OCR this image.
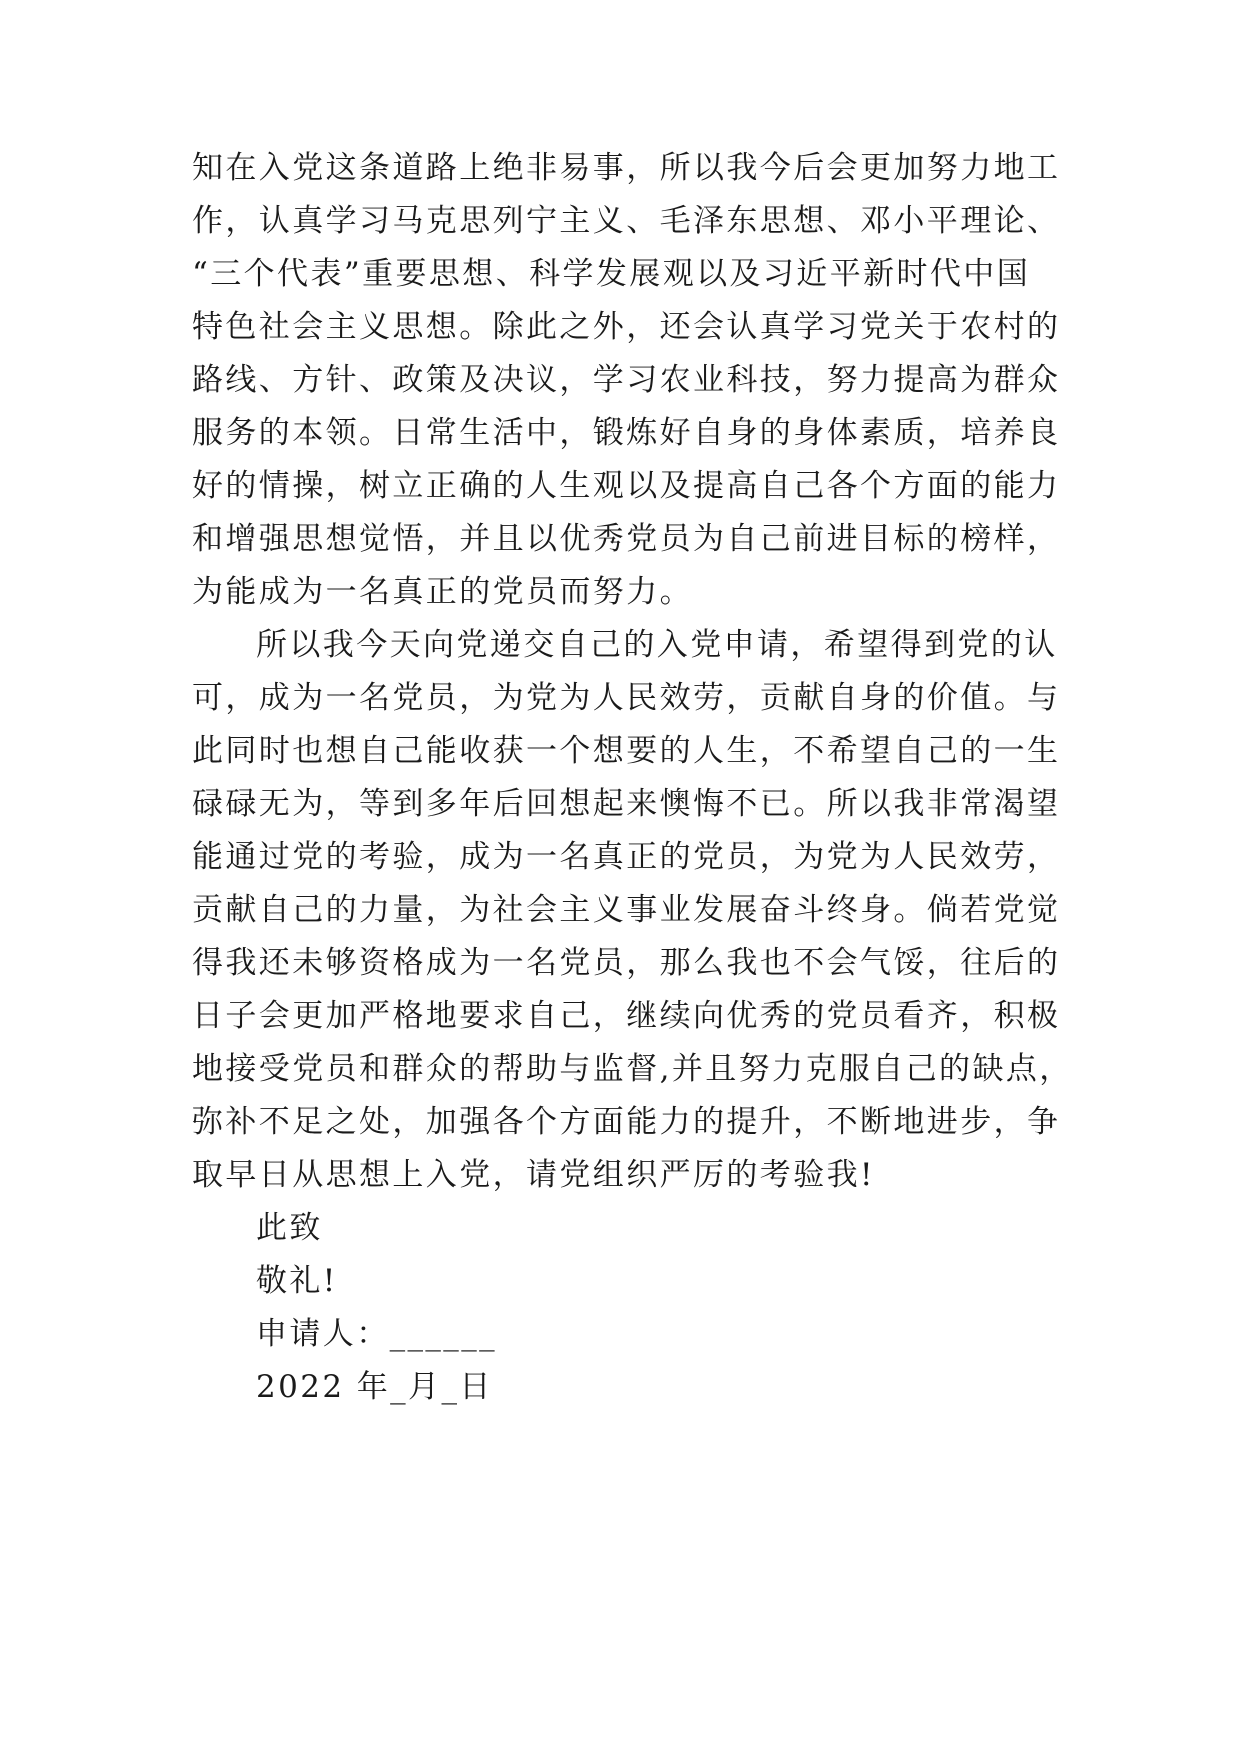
知在入党这条道路上绝非易事，所以我今后会更加努力地工
作，认真学习马克思列宁主义、毛泽东思想、邓小平理论、
“三个代表”重要思想、科学发展观以及习近平新时代中国
特色社会主义思想。除此之外，还会认真学习党关于农村的
路线、方针、政策及决议，学习农业科技，努力提高为群众
服务的本领。日常生活中，锻炼好自身的身体素质，培养良
好的情操，树立正确的人生观以及提高自己各个方面的能力
和增强思想觉悟，并且以优秀党员为自己前进目标的榜样，
为能成为一名真正的党员而努力。
所以我今天向党递交自己的入党申请，希望得到党的认
可，成为一名党员，为党为人民效劳，贡献自身的价值。与
此同时也想自己能收获一个想要的人生，不希望自己的一生
碌碌无为，等到多年后回想起来懊悔不已。所以我非常渴望
能通过党的考验，成为一名真正的党员，为党为人民效劳，
贡献自己的力量，为社会主义事业发展奋斗终身。倘若党觉
得我还未够资格成为一名党员，那么我也不会气馁，往后的
日子会更加严格地要求自己，继续向优秀的党员看齐，积极
地接受党员和群众的帮助与监督,并且努力克服自己的缺点，
弥补不足之处，加强各个方面能力的提升，不断地进步，争
取早日从思想上入党，请党组织严厉的考验我!
此致
敬礼!
申请人：______
2022 年_月_日
